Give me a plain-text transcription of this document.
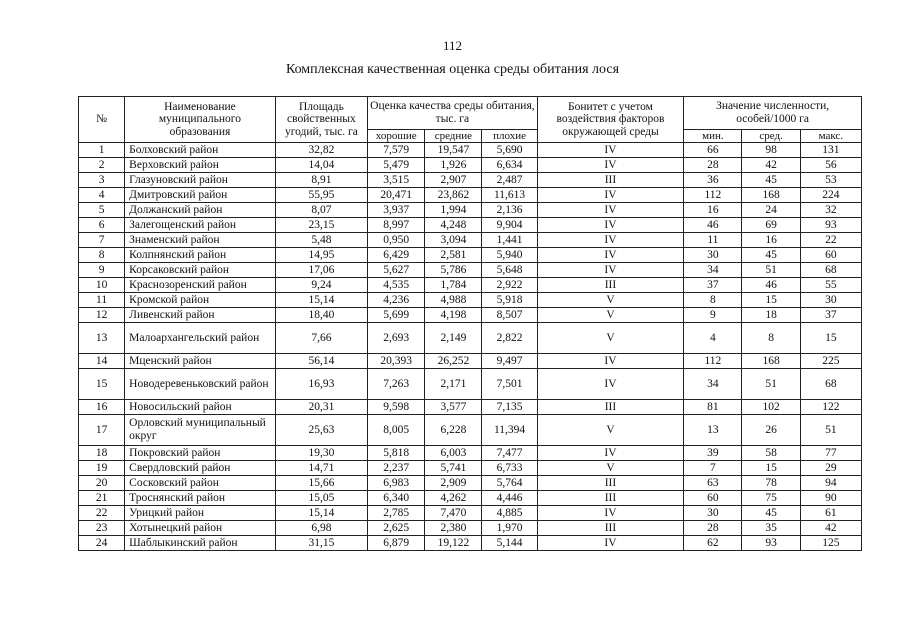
112
Комплексная качественная оценка среды обитания лося
№	Наименование муниципального образования	Площадь свойственных угодий, тыс. га	Оценка качества среды обитания, тыс. га			Бонитет с учетом воздействия факторов окружающей среды	Значение численности, особей/1000 га		
			хорошие	средние	плохие		мин.	сред.	макс.
1	Болховский район	32,82	7,579	19,547	5,690	IV	66	98	131
2	Верховский район	14,04	5,479	1,926	6,634	IV	28	42	56
3	Глазуновский район	8,91	3,515	2,907	2,487	III	36	45	53
4	Дмитровский район	55,95	20,471	23,862	11,613	IV	112	168	224
5	Должанский район	8,07	3,937	1,994	2,136	IV	16	24	32
6	Залегощенский район	23,15	8,997	4,248	9,904	IV	46	69	93
7	Знаменский район	5,48	0,950	3,094	1,441	IV	11	16	22
8	Колпнянский район	14,95	6,429	2,581	5,940	IV	30	45	60
9	Корсаковский район	17,06	5,627	5,786	5,648	IV	34	51	68
10	Краснозоренский район	9,24	4,535	1,784	2,922	III	37	46	55
11	Кромской район	15,14	4,236	4,988	5,918	V	8	15	30
12	Ливенский район	18,40	5,699	4,198	8,507	V	9	18	37
13	Малоархангельский район	7,66	2,693	2,149	2,822	V	4	8	15
14	Мценский район	56,14	20,393	26,252	9,497	IV	112	168	225
15	Новодеревеньковский район	16,93	7,263	2,171	7,501	IV	34	51	68
16	Новосильский район	20,31	9,598	3,577	7,135	III	81	102	122
17	Орловский муниципальный округ	25,63	8,005	6,228	11,394	V	13	26	51
18	Покровский район	19,30	5,818	6,003	7,477	IV	39	58	77
19	Свердловский район	14,71	2,237	5,741	6,733	V	7	15	29
20	Сосковский район	15,66	6,983	2,909	5,764	III	63	78	94
21	Троснянский район	15,05	6,340	4,262	4,446	III	60	75	90
22	Урицкий район	15,14	2,785	7,470	4,885	IV	30	45	61
23	Хотынецкий район	6,98	2,625	2,380	1,970	III	28	35	42
24	Шаблыкинский район	31,15	6,879	19,122	5,144	IV	62	93	125
